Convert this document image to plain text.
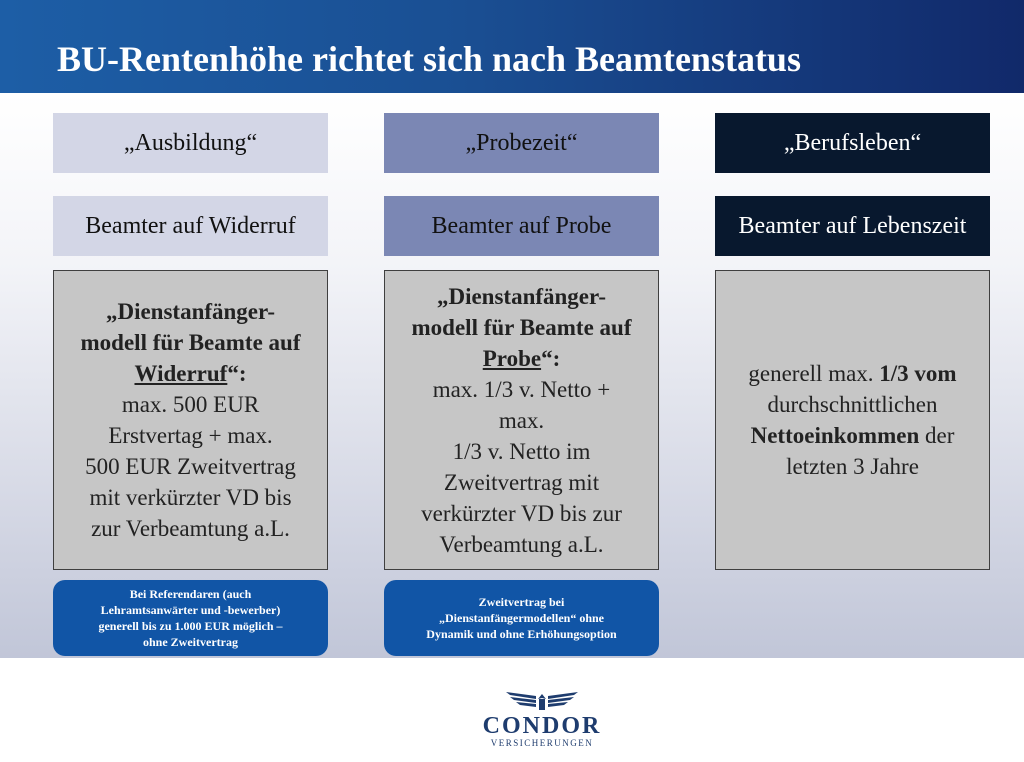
BU-Rentenhöhe richtet sich nach Beamtenstatus
„Ausbildung“	„Probezeit“	„Berufsleben“
Beamter auf Widerruf	Beamter auf Probe	Beamter auf Lebenszeit

„Dienstanfänger-

modell für Beamte auf

Widerruf“:

max. 500 EUR

Erstvertag + max.

500 EUR Zweitvertrag

mit verkürzter VD bis

zur Verbeamtung a.L.

„Dienstanfänger-

modell für Beamte auf

Probe“:

max. 1/3 v. Netto +

max.

1/3 v. Netto im

Zweitvertrag mit

verkürzter VD bis zur

Verbeamtung a.L.

generell max. 1/3 vom

durchschnittlichen

Nettoeinkommen der

letzten 3 Jahre

Bei Referendaren (auch
Lehramtsanwärter und -bewerber)
generell bis zu 1.000 EUR möglich –
ohne Zweitvertrag
Zweitvertrag bei
„Dienstanfängermodellen“ ohne
Dynamik und ohne Erhöhungsoption
CONDOR
VERSICHERUNGEN
